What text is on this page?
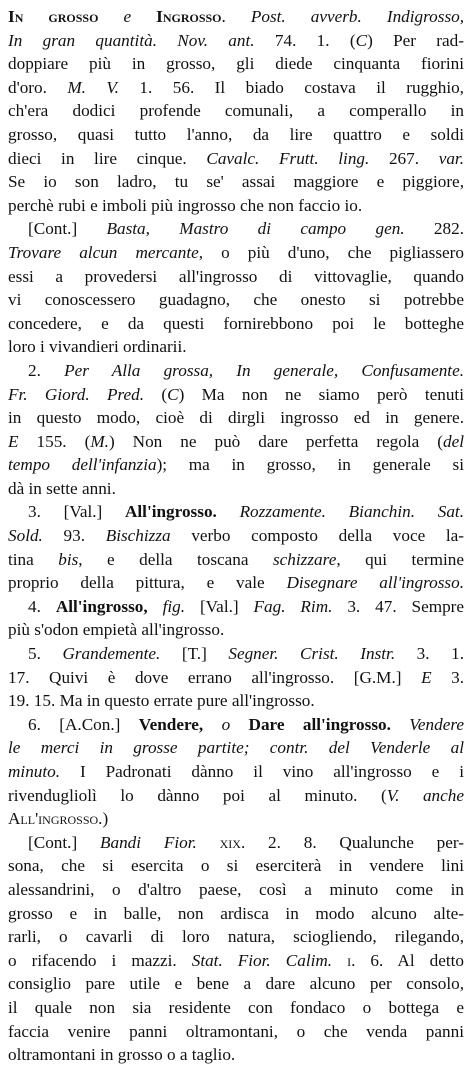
In grosso e Ingrosso. Post. avverb. Indigrosso,
In gran quantità. Nov. ant. 74. 1. (C) Per rad-
doppiare più in grosso, gli diede cinquanta fiorini
d'oro. M. V. 1. 56. Il biado costava il rugghio,
ch'era dodici profende comunali, a comperallo in
grosso, quasi tutto l'anno, da lire quattro e soldi
dieci in lire cinque. Cavalc. Frutt. ling. 267. var.
Se io son ladro, tu se' assai maggiore e piggiore,
perchè rubi e imboli più ingrosso che non faccio io.
[Cont.] Basta, Mastro di campo gen. 282.
Trovare alcun mercante, o più d'uno, che pigliassero
essi a provedersi all'ingrosso di vittovaglie, quando
vi conoscessero guadagno, che onesto si potrebbe
concedere, e da questi fornirebbono poi le botteghe
loro i vivandieri ordinarii.
2. Per Alla grossa, In generale, Confusamente.
Fr. Giord. Pred. (C) Ma non ne siamo però tenuti
in questo modo, cioè di dirgli ingrosso ed in genere.
E 155. (M.) Non ne può dare perfetta regola (del
tempo dell'infanzia); ma in grosso, in generale si
dà in sette anni.
3. [Val.] All'ingrosso. Rozzamente. Bianchin. Sat.
Sold. 93. Bischizza verbo composto della voce la-
tina bis, e della toscana schizzare, qui termine
proprio della pittura, e vale Disegnare all'ingrosso.
4. All'ingrosso, fig. [Val.] Fag. Rim. 3. 47. Sempre
più s'odon empietà all'ingrosso.
5. Grandemente. [T.] Segner. Crist. Instr. 3. 1.
17. Quivi è dove errano all'ingrosso. [G.M.] E 3.
19. 15. Ma in questo errate pure all'ingrosso.
6. [A.Con.] Vendere, o Dare all'ingrosso. Vendere
le merci in grosse partite; contr. del Venderle al
minuto. I Padronati dànno il vino all'ingrosso e i
rivendugliolì lo dànno poi al minuto. (V. anche
All'ingrosso.)
[Cont.] Bandi Fior. xix. 2. 8. Qualunche per-
sona, che si esercita o si eserciterà in vendere lini
alessandrini, o d'altro paese, così a minuto come in
grosso e in balle, non ardisca in modo alcuno alte-
rarli, o cavarli di loro natura, sciogliendo, rilegando,
o rifacendo i mazzi. Stat. Fior. Calim. i. 6. Al detto
consiglio pare utile e bene a dare alcuno per consolo,
il quale non sia residente con fondaco o bottega e
faccia venire panni oltramontani, o che venda panni
oltramontani in grosso o a taglio.
